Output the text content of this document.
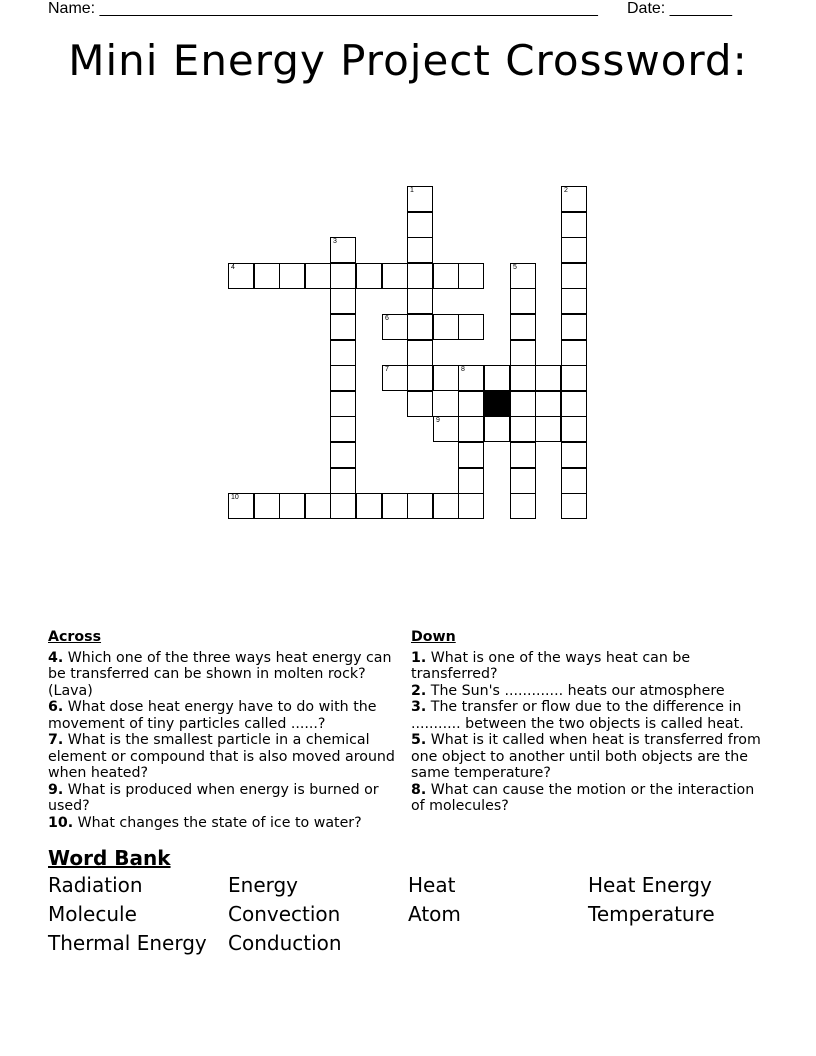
Name: ________________________________________________________ Date: _______
Mini Energy Project Crossword:
1	2
3
4	5
6
7	8
9
10
Across
4. Which one of the three ways heat energy can be transferred can be shown in molten rock? (Lava)
6. What dose heat energy have to do with the movement of tiny particles called ......?
7. What is the smallest particle in a chemical element or compound that is also moved around when heated?
9. What is produced when energy is burned or used?
10. What changes the state of ice to water?
Down
1. What is one of the ways heat can be transferred?
2. The Sun's ............. heats our atmosphere
3. The transfer or flow due to the difference in ........... between the two objects is called heat.
5. What is it called when heat is transferred from one object to another until both objects are the same temperature?
8. What can cause the motion or the interaction of molecules?
Word Bank
Radiation	Energy	Heat	Heat Energy
Molecule	Convection	Atom	Temperature
Thermal Energy	Conduction
